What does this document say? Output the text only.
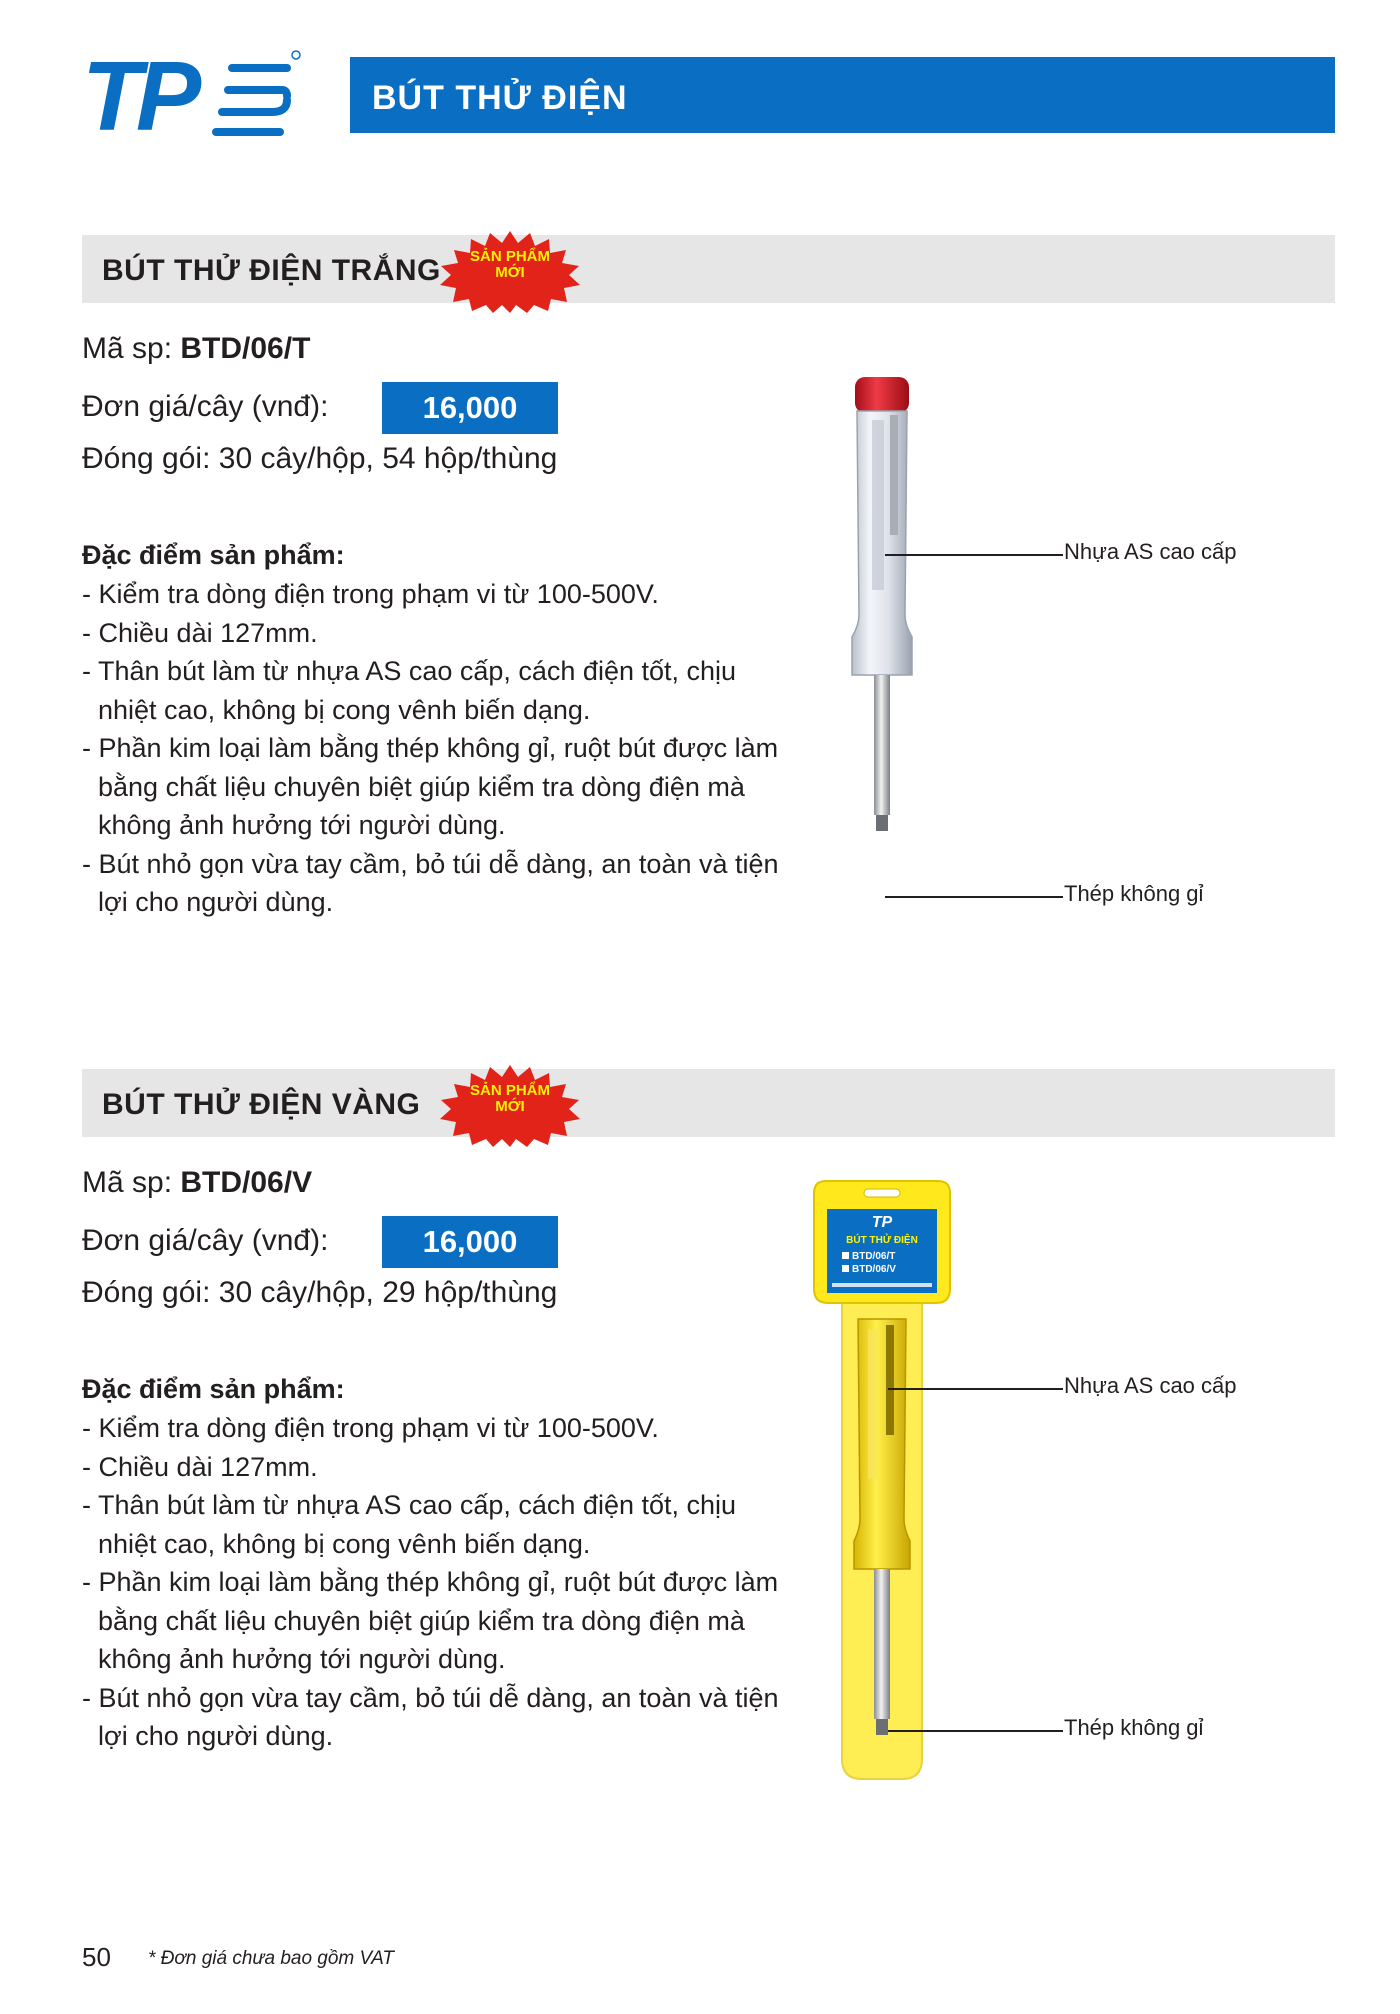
TP	BÚT THỬ ĐIỆN
BÚT THỬ ĐIỆN TRẮNG	SẢN PHẨM
MỚI
Mã sp: BTD/06/T
Đơn giá/cây (vnđ):	16,000
Đóng gói: 30 cây/hộp, 54 hộp/thùng
Đặc điểm sản phẩm:
- Kiểm tra dòng điện trong phạm vi từ 100-500V.
- Chiều dài 127mm.
- Thân bút làm từ nhựa AS cao cấp, cách điện tốt, chịu nhiệt cao, không bị cong vênh biến dạng.
- Phần kim loại làm bằng thép không gỉ, ruột bút được làm bằng chất liệu chuyên biệt giúp kiểm tra dòng điện mà không ảnh hưởng tới người dùng.
- Bút nhỏ gọn vừa tay cầm, bỏ túi dễ dàng, an toàn và tiện lợi cho người dùng.
Nhựa AS cao cấp
Thép không gỉ
BÚT THỬ ĐIỆN VÀNG	SẢN PHẨM
MỚI
Mã sp: BTD/06/V
Đơn giá/cây (vnđ):	16,000
Đóng gói: 30 cây/hộp, 29 hộp/thùng
Đặc điểm sản phẩm:
- Kiểm tra dòng điện trong phạm vi từ 100-500V.
- Chiều dài 127mm.
- Thân bút làm từ nhựa AS cao cấp, cách điện tốt, chịu nhiệt cao, không bị cong vênh biến dạng.
- Phần kim loại làm bằng thép không gỉ, ruột bút được làm bằng chất liệu chuyên biệt giúp kiểm tra dòng điện mà không ảnh hưởng tới người dùng.
- Bút nhỏ gọn vừa tay cầm, bỏ túi dễ dàng, an toàn và tiện lợi cho người dùng.
TP
BÚT THỬ ĐIỆN
BTD/06/T
BTD/06/V
Nhựa AS cao cấp
Thép không gỉ
50 * Đơn giá chưa bao gồm VAT
